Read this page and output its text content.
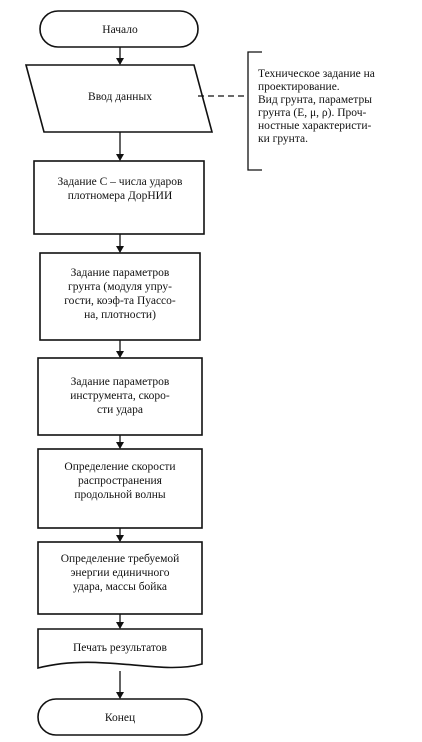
Начало
Ввод данных
Техническое задание на
проектирование.
Вид грунта, параметры
грунта (E, μ, ρ). Проч-
ностные характеристи-
ки грунта.
Задание C – числа ударов
плотномера ДорНИИ
Задание параметров
грунта (модуля упру-
гости, коэф-та Пуассо-
на, плотности)
Задание параметров
инструмента, скоро-
сти удара
Определение скорости
распространения
продольной волны
Определение требуемой
энергии единичного
удара, массы бойка
Печать результатов
Конец
